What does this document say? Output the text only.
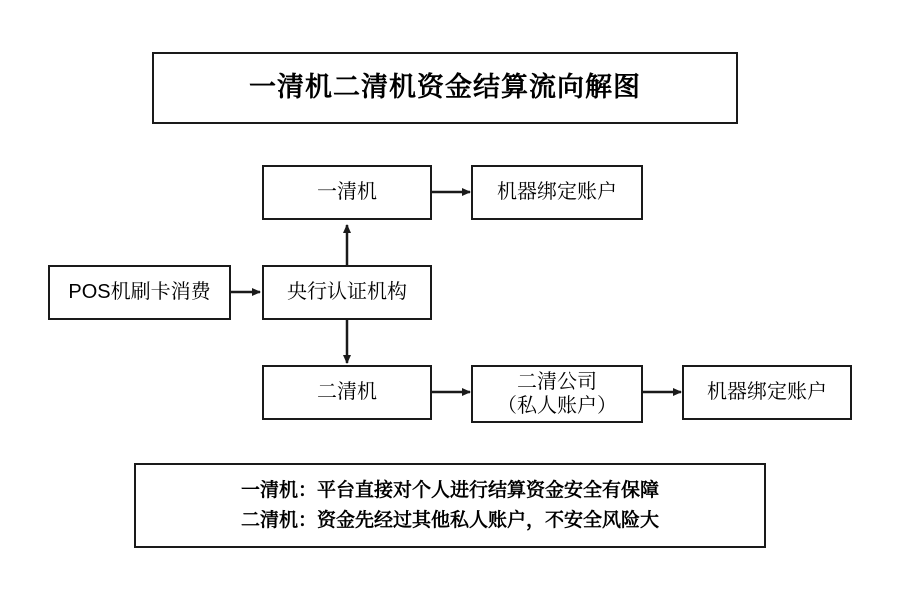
一清机二清机资金结算流向解图
一清机	机器绑定账户
POS机刷卡消费	央行认证机构
二清机	二清公司
（私人账户）
机器绑定账户
一清机：平台直接对个人进行结算资金安全有保障
二清机：资金先经过其他私人账户，不安全风险大
